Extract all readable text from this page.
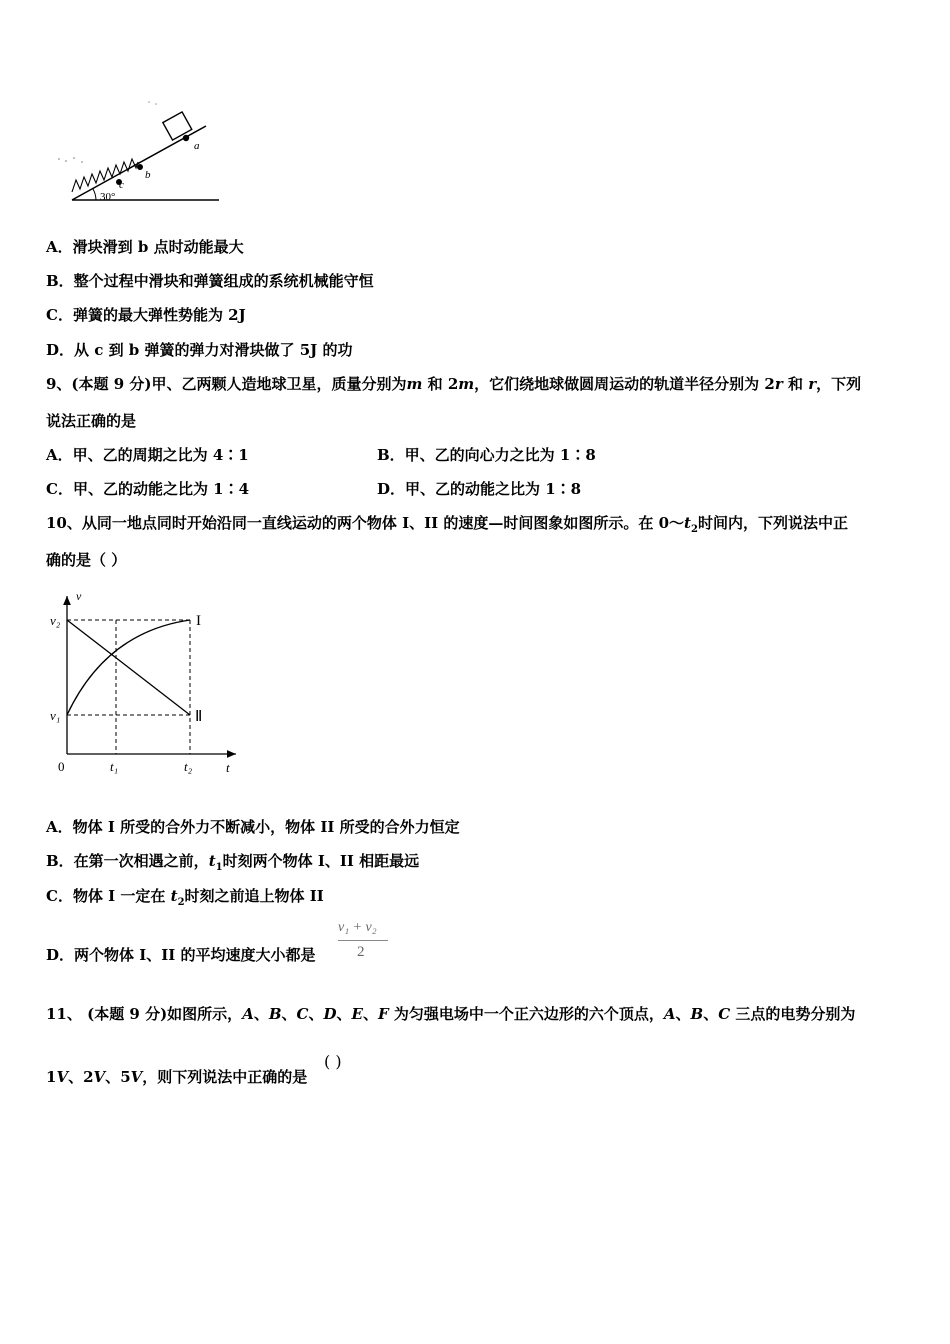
a
b
c
30°
A．滑块滑到 b 点时动能最大
B．整个过程中滑块和弹簧组成的系统机械能守恒
C．弹簧的最大弹性势能为 2J
D．从 c 到 b 弹簧的弹力对滑块做了 5J 的功
9、(本题 9 分)甲、乙两颗人造地球卫星，质量分别为m 和 2m，它们绕地球做圆周运动的轨道半径分别为 2r 和 r，下列
说法正确的是
A．甲、乙的周期之比为 4∶1	B．甲、乙的向心力之比为 1∶8
C．甲、乙的动能之比为 1∶4	D．甲、乙的动能之比为 1∶8
10、从同一地点同时开始沿同一直线运动的两个物体 I、II 的速度—时间图象如图所示。在 $0\sim t_2$时间内，下列说法中正
确的是（ ）
v
t
0
v₂
v₁
t₁	t₂
I
Ⅱ
A．物体 I 所受的合外力不断减小，物体 II 所受的合外力恒定
B．在第一次相遇之前，$t_1$时刻两个物体 I、II 相距最远
C．物体 I 一定在 $t_2$时刻之前追上物体 II
D．两个物体 I、II 的平均速度大小都是
v₁ + v₂
2
11、 (本题 9 分)如图所示，A、B、C、D、E、F 为匀强电场中一个正六边形的六个顶点，A、B、C 三点的电势分别为
1V、2V、5V，则下列说法中正确的是
( )
